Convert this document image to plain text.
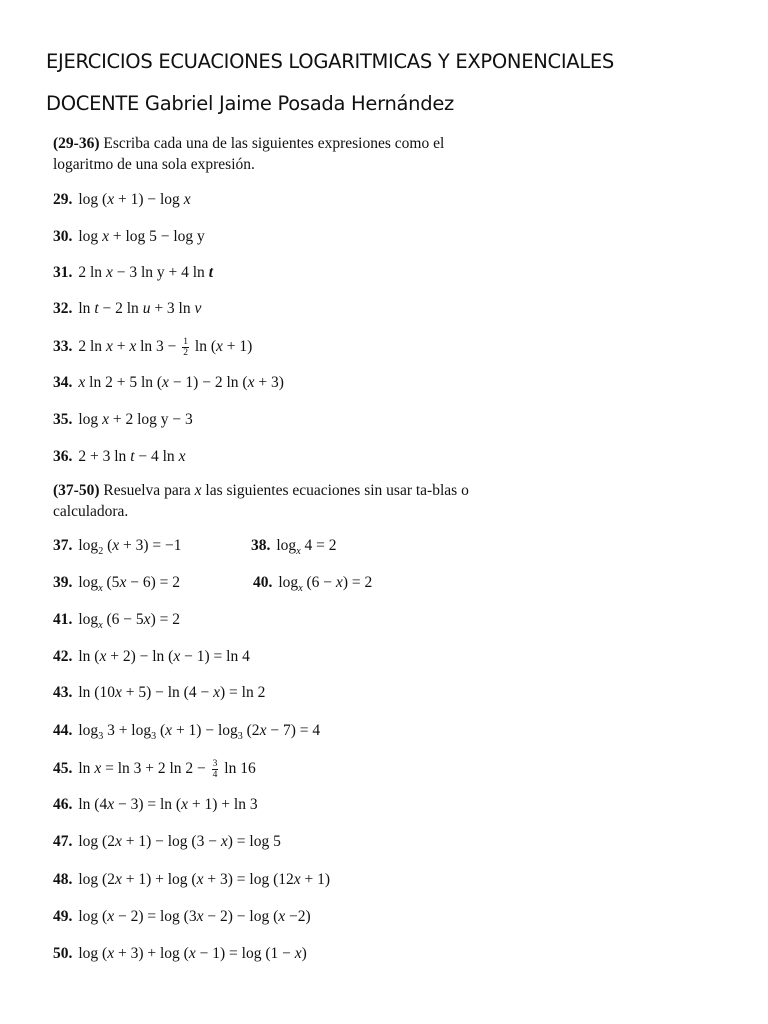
EJERCICIOS ECUACIONES LOGARITMICAS Y EXPONENCIALES
DOCENTE Gabriel Jaime Posada Hernández
(29-36) Escriba cada una de las siguientes expresiones como el logaritmo de una sola expresión.
29. log (x + 1) − log x
30. log x + log 5 − log y
31. 2 ln x − 3 ln y + 4 ln t
32. ln t − 2 ln u + 3 ln v
33. 2 ln x + x $\ln 3 - \frac{1}{2}$ ln (x + 1)
34. x ln 2 + 5 ln (x − 1) − 2 ln (x + 3)
35. log x + 2 log y − 3
36. 2 + 3 ln t − 4 ln x
(37-50) Resuelva para x las siguientes ecuaciones sin usar ta-blas o calculadora.
37. $\log_2 (x + 3) = -1$	38. $\log_x 4 = 2$
39. $\log_x (5x - 6) = 2$	40. $\log_x (6 - x) = 2$
41. $\log_x (6 - 5x) = 2$
42. ln (x + 2) − ln (x − 1) = ln 4
43. ln (10x + 5) − ln (4 − x) = ln 2
44. $\log_3 3 + \log_3 (x + 1) - \log_3 (2x - 7) = 4$
45. ln x = ln 3 + 2 $\ln 2 - \frac{3}{4}$ ln 16
46. ln (4x − 3) = ln (x + 1) + ln 3
47. log (2x + 1) − log (3 − x) = log 5
48. log (2x + 1) + log (x + 3) = log (12x + 1)
49. log (x − 2) = log (3x − 2) − log (x −2)
50. log (x + 3) + log (x − 1) = log (1 − x)
